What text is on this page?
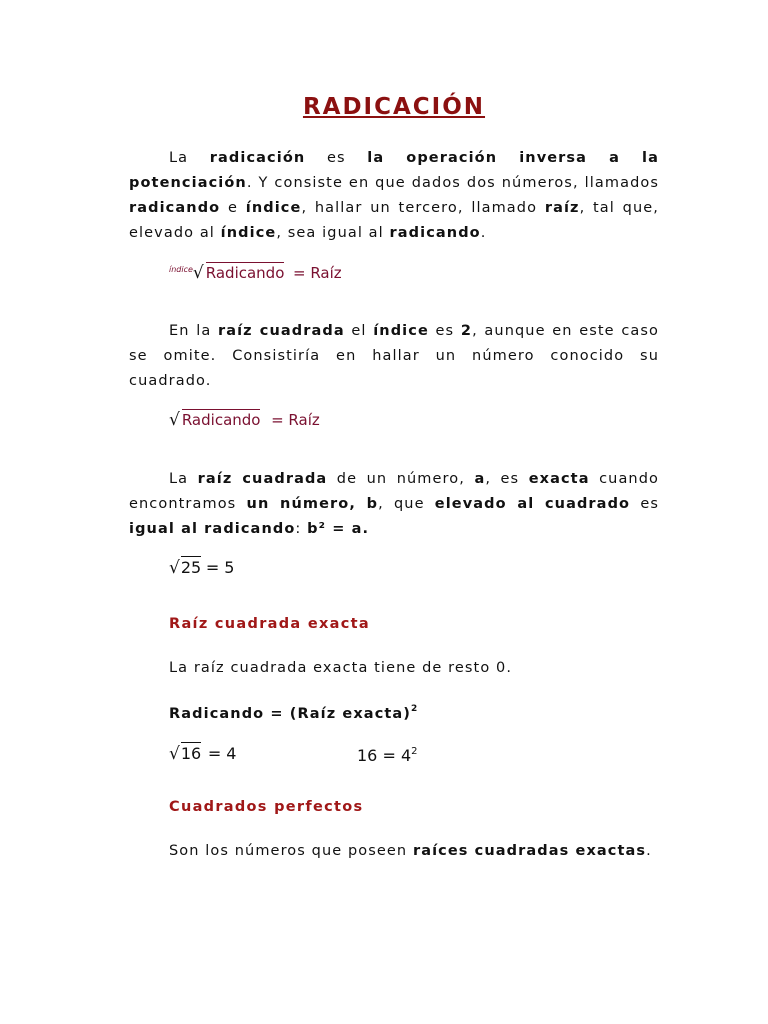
RADICACIÓN

La radicación es la operación inversa a la potenciación. Y consiste en que dados dos números, llamados radicando e índice, hallar un tercero, llamado raíz, tal que, elevado al índice, sea igual al radicando.

$^{índice}$√ Radicando = Raíz

En la raíz cuadrada el índice es 2, aunque en este caso se omite. Consistiría en hallar un número conocido su cuadrado.

√ Radicando = Raíz

La raíz cuadrada de un número, a, es exacta cuando encontramos un número, b, que elevado al cuadrado es igual al radicando: b² = a.

√25 = 5
Raíz cuadrada exacta
La raíz cuadrada exacta tiene de resto 0.
Radicando = (Raíz exacta)$^2$
√16 = 4	$16 = 4^2$
Cuadrados perfectos

Son los números que poseen raíces cuadradas exactas.
